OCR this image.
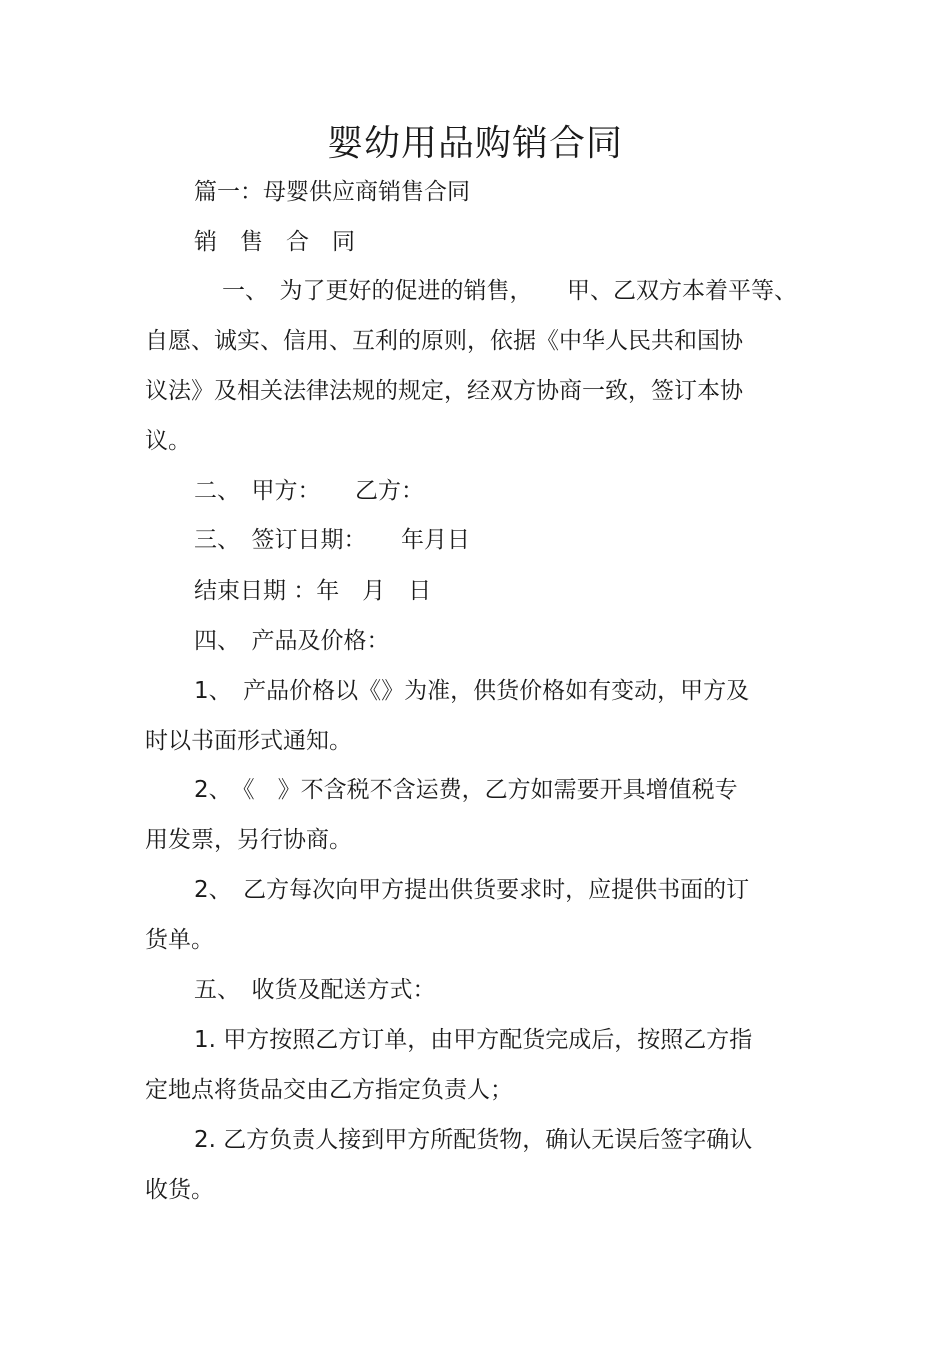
婴幼用品购销合同
篇一：母婴供应商销售合同
销　售　合　同
一、　为了更好的促进的销售，　　甲、乙双方本着平等、
自愿、诚实、信用、互利的原则，依据《中华人民共和国协
议法》及相关法律法规的规定，经双方协商一致，签订本协
议。
二、　甲方：　　乙方：
三、　签订日期：　　年月日
结束日期 ：年　月　日
四、　产品及价格：
1、　产品价格以《》为准，供货价格如有变动，甲方及
时以书面形式通知。
2、　《　》不含税不含运费，乙方如需要开具增值税专
用发票，另行协商。
2、　乙方每次向甲方提出供货要求时，应提供书面的订
货单。
五、　收货及配送方式：
1. 甲方按照乙方订单，由甲方配货完成后，按照乙方指
定地点将货品交由乙方指定负责人；
2. 乙方负责人接到甲方所配货物，确认无误后签字确认
收货。
